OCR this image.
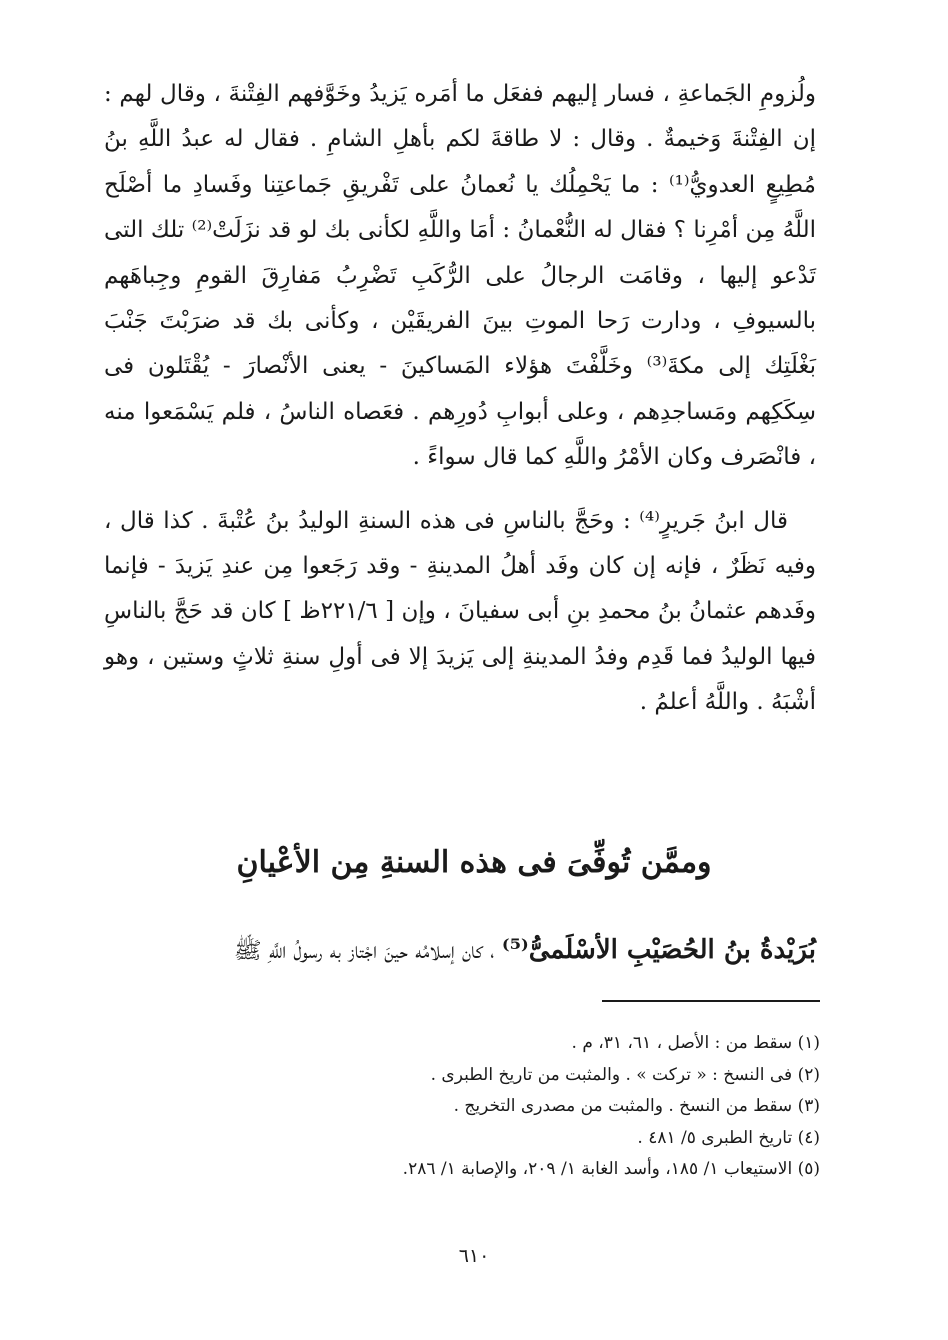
ولُزومِ الجَماعةِ ، فسار إليهم ففعَل ما أمَره يَزيدُ وخَوَّفهم الفِتْنةَ ، وقال لهم : إن الفِتْنةَ وَخيمةٌ . وقال : لا طاقةَ لكم بأهلِ الشامِ . فقال له عبدُ اللَّهِ بنُ مُطِيعٍ العدويُّ⁽¹⁾ : ما يَحْمِلُك يا نُعمانُ على تَفْريقِ جَماعتِنا وفَسادِ ما أصْلَح اللَّهُ مِن أمْرِنا ؟ فقال له النُّعْمانُ : أمَا واللَّهِ لكأنى بك لو قد نزَلَتْ⁽²⁾ تلك التى تَدْعو إليها ، وقامَت الرجالُ على الرُّكَبِ تَضْرِبُ مَفارِقَ القومِ وجِباهَهم بالسيوفِ ، ودارت رَحا الموتِ بينَ الفريقَيْن ، وكأنى بك قد ضرَبْتَ جَنْبَ بَغْلَتِك إلى مكةَ⁽³⁾ وخَلَّفْتَ هؤلاء المَساكينَ - يعنى الأنْصارَ - يُقْتَلون فى سِكَكِهم ومَساجدِهم ، وعلى أبوابِ دُورِهم . فعَصاه الناسُ ، فلم يَسْمَعوا منه ، فانْصَرف وكان الأمْرُ واللَّهِ كما قال سواءً .

قال ابنُ جَريرٍ⁽⁴⁾ : وحَجَّ بالناسِ فى هذه السنةِ الوليدُ بنُ عُتْبةَ . كذا قال ، وفيه نَظَرٌ ، فإنه إن كان وفَد أهلُ المدينةِ - وقد رَجَعوا مِن عندِ يَزيدَ - فإنما وفَدهم عثمانُ بنُ محمدِ بنِ أبى سفيانَ ، وإن [ ٢٢١/٦ظ ] كان قد حَجَّ بالناسِ فيها الوليدُ فما قَدِم وفدُ المدينةِ إلى يَزيدَ إلا فى أولِ سنةِ ثلاثٍ وستين ، وهو أشْبَهُ . واللَّهُ أعلمُ .

وممَّن تُوفِّىَ فى هذه السنةِ مِن الأعْيانِ
بُرَيْدةُ بنُ الحُصَيْبِ الأسْلَمىُّ⁽⁵⁾ ، كان إسلامُه حينَ اجْتاز به رسولُ اللَّهِ ﷺ
(١) سقط من : الأصل ، ٦١، ٣١، م .
(٢) فى النسخ : « تركت » . والمثبت من تاريخ الطبرى .
(٣) سقط من النسخ . والمثبت من مصدرى التخريج .
(٤) تاريخ الطبرى ٥/ ٤٨١ .
(٥) الاستيعاب ١/ ١٨٥، وأسد الغابة ١/ ٢٠٩، والإصابة ١/ ٢٨٦.
٦١٠
